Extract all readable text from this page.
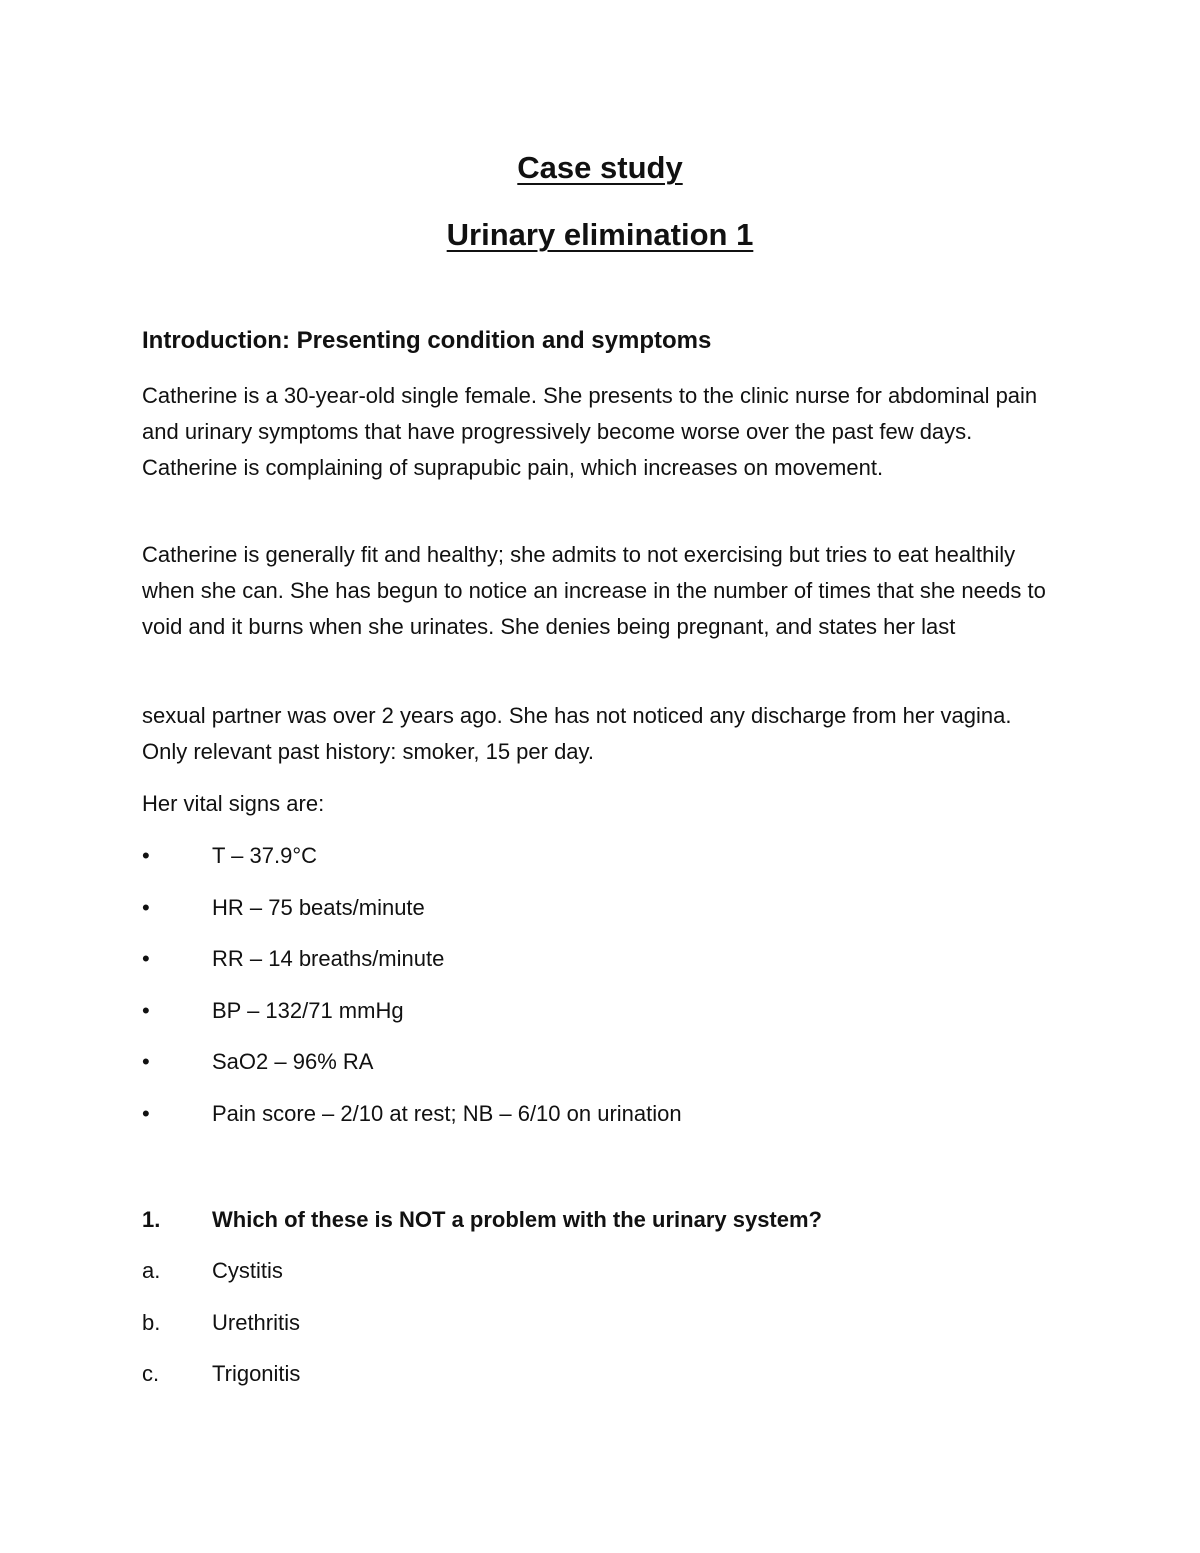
Case study
Urinary elimination 1
Introduction: Presenting condition and symptoms

Catherine is a 30-year-old single female. She presents to the clinic nurse for abdominal pain and urinary symptoms that have progressively become worse over the past few days. Catherine is complaining of suprapubic pain, which increases on movement.

Catherine is generally fit and healthy; she admits to not exercising but tries to eat healthily when she can. She has begun to notice an increase in the number of times that she needs to void and it burns when she urinates. She denies being pregnant, and states her last

sexual partner was over 2 years ago. She has not noticed any discharge from her vagina. Only relevant past history: smoker, 15 per day.

Her vital signs are:

•	T – 37.9°C
•	HR – 75 beats/minute
•	RR – 14 breaths/minute
•	BP – 132/71 mmHg
•	SaO2 – 96% RA
•	Pain score – 2/10 at rest; NB – 6/10 on urination
1. Which of these is NOT a problem with the urinary system?
a. Cystitis
b. Urethritis
c. Trigonitis
